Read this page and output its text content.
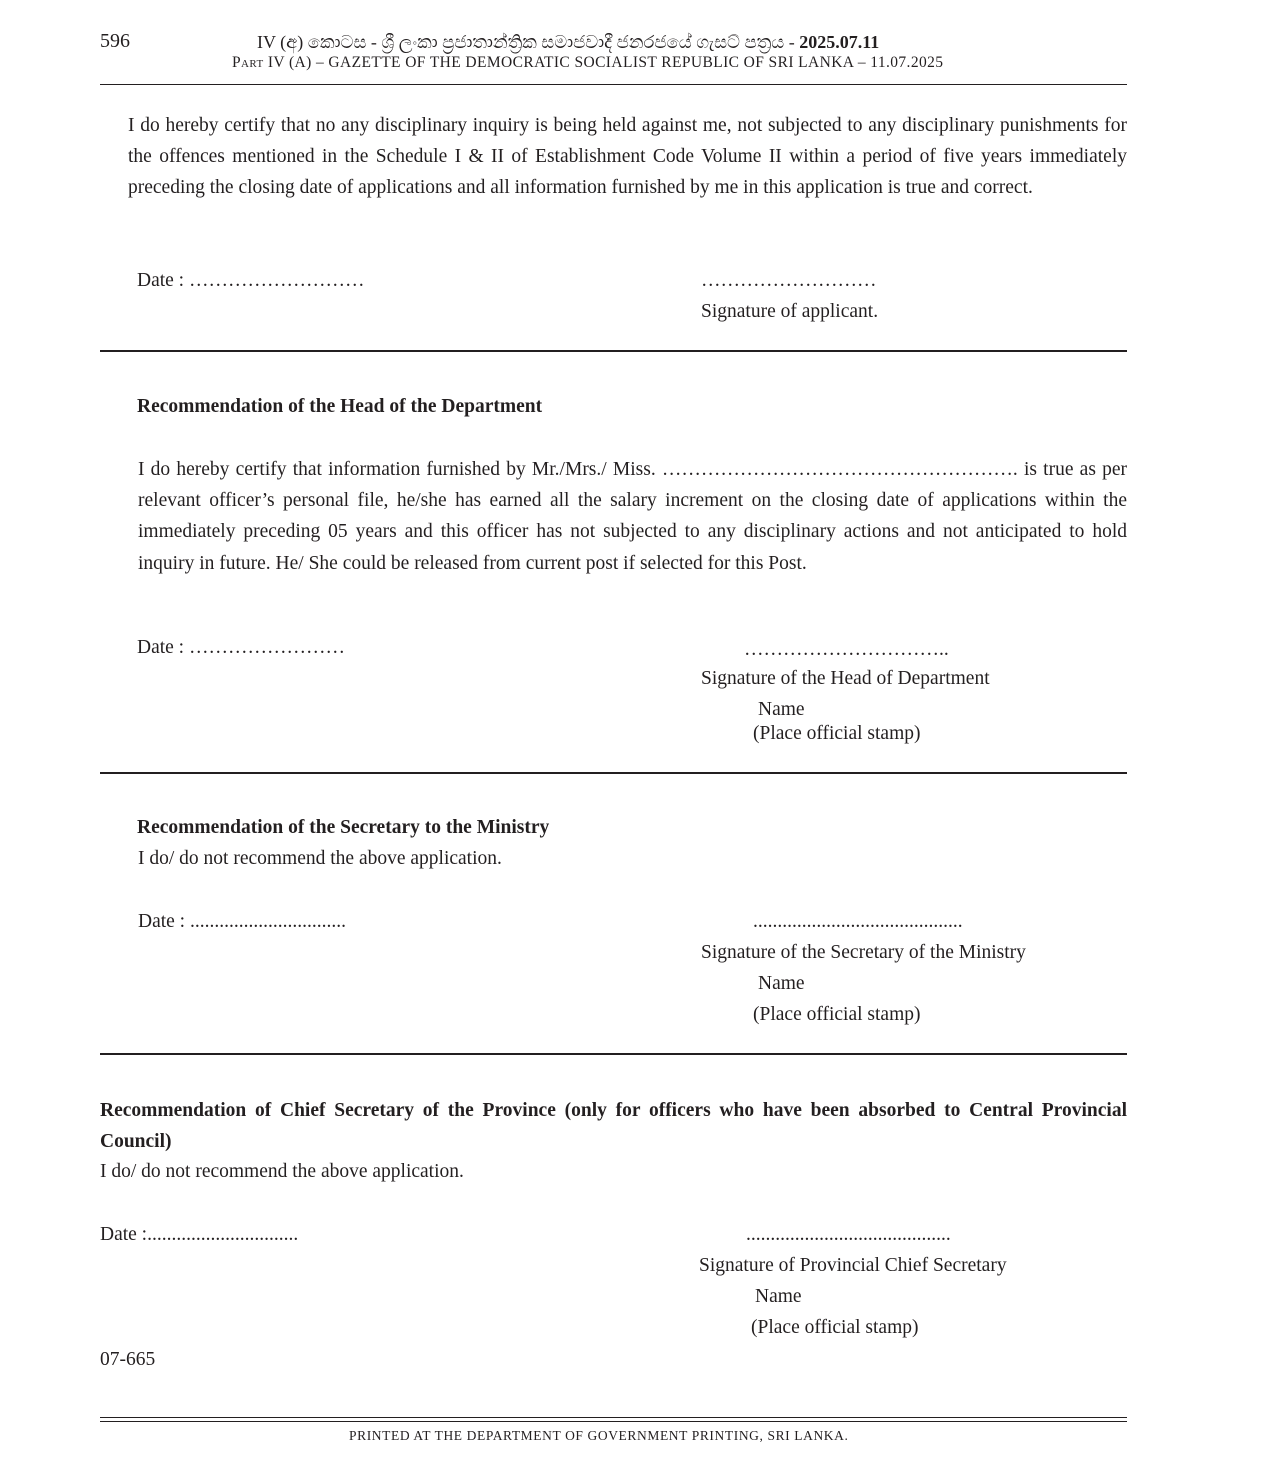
596	IV (අ) කොටස - ශ්‍රී ලංකා ප්‍රජාතාන්ත්‍රික සමාජවාදී ජනරජයේ ගැසට් පත්‍රය - 2025.07.11
Part IV (A) – GAZETTE OF THE DEMOCRATIC SOCIALIST REPUBLIC OF SRI LANKA – 11.07.2025
I do hereby certify that no any disciplinary inquiry is being held against me, not subjected to any disciplinary punishments for the offences mentioned in the Schedule I & II of Establishment Code Volume II within a period of five years immediately preceding the closing date of applications and all information furnished by me in this application is true and correct.
Date : ………………………	………………………
Signature of applicant.
Recommendation of the Head of the Department
I do hereby certify that information furnished by Mr./Mrs./ Miss. ………………………………………………. is true as per relevant officer’s personal file, he/she has earned all the salary increment on the closing date of applications within the immediately preceding 05 years and this officer has not subjected to any disciplinary actions and not anticipated to hold inquiry in future. He/ She could be released from current post if selected for this Post.
Date : ……………………	…………………………..
Signature of the Head of Department
Name
(Place official stamp)
Recommendation of the Secretary to the Ministry
I do/ do not recommend the above application.
Date : ................................	...........................................
Signature of the Secretary of the Ministry
Name
(Place official stamp)
Recommendation of Chief Secretary of the Province (only for officers who have been absorbed to Central Provincial Council)
I do/ do not recommend the above application.
Date :...............................	..........................................
Signature of Provincial Chief Secretary
Name
(Place official stamp)
07-665
PRINTED AT THE DEPARTMENT OF GOVERNMENT PRINTING, SRI LANKA.
